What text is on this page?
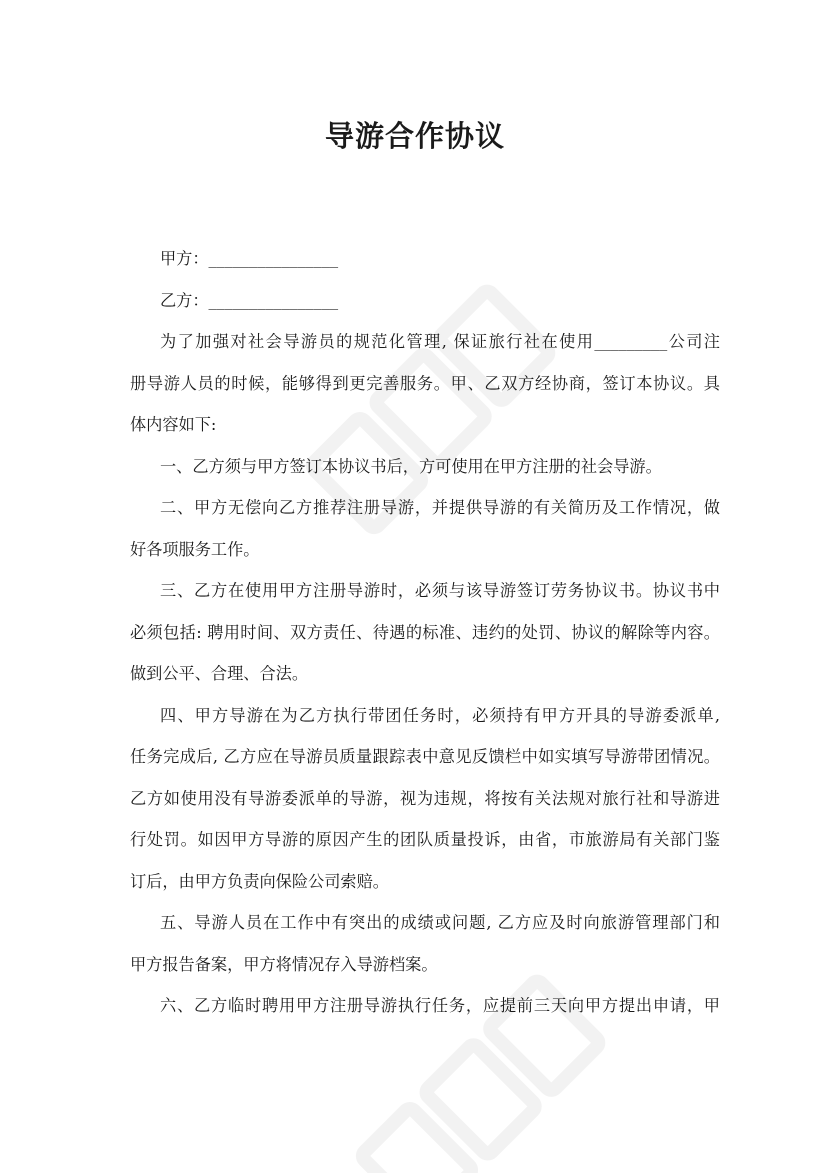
导游合作协议
甲方：________________
乙方：________________
为了加强对社会导游员的规范化管理, 保证旅行社在使用_________公司注
册导游人员的时候，能够得到更完善服务。甲、乙双方经协商，签订本协议。具
体内容如下:
一、乙方须与甲方签订本协议书后，方可使用在甲方注册的社会导游。
二、甲方无偿向乙方推荐注册导游，并提供导游的有关简历及工作情况，做
好各项服务工作。
三、乙方在使用甲方注册导游时，必须与该导游签订劳务协议书。协议书中
必须包括: 聘用时间、双方责任、待遇的标准、违约的处罚、协议的解除等内容。
做到公平、合理、合法。
四、甲方导游在为乙方执行带团任务时，必须持有甲方开具的导游委派单,
任务完成后, 乙方应在导游员质量跟踪表中意见反馈栏中如实填写导游带团情况。
乙方如使用没有导游委派单的导游，视为违规，将按有关法规对旅行社和导游进
行处罚。如因甲方导游的原因产生的团队质量投诉，由省，市旅游局有关部门鉴
订后，由甲方负责向保险公司索赔。
五、导游人员在工作中有突出的成绩或问题, 乙方应及时向旅游管理部门和
甲方报告备案，甲方将情况存入导游档案。
六、乙方临时聘用甲方注册导游执行任务，应提前三天向甲方提出申请，甲
